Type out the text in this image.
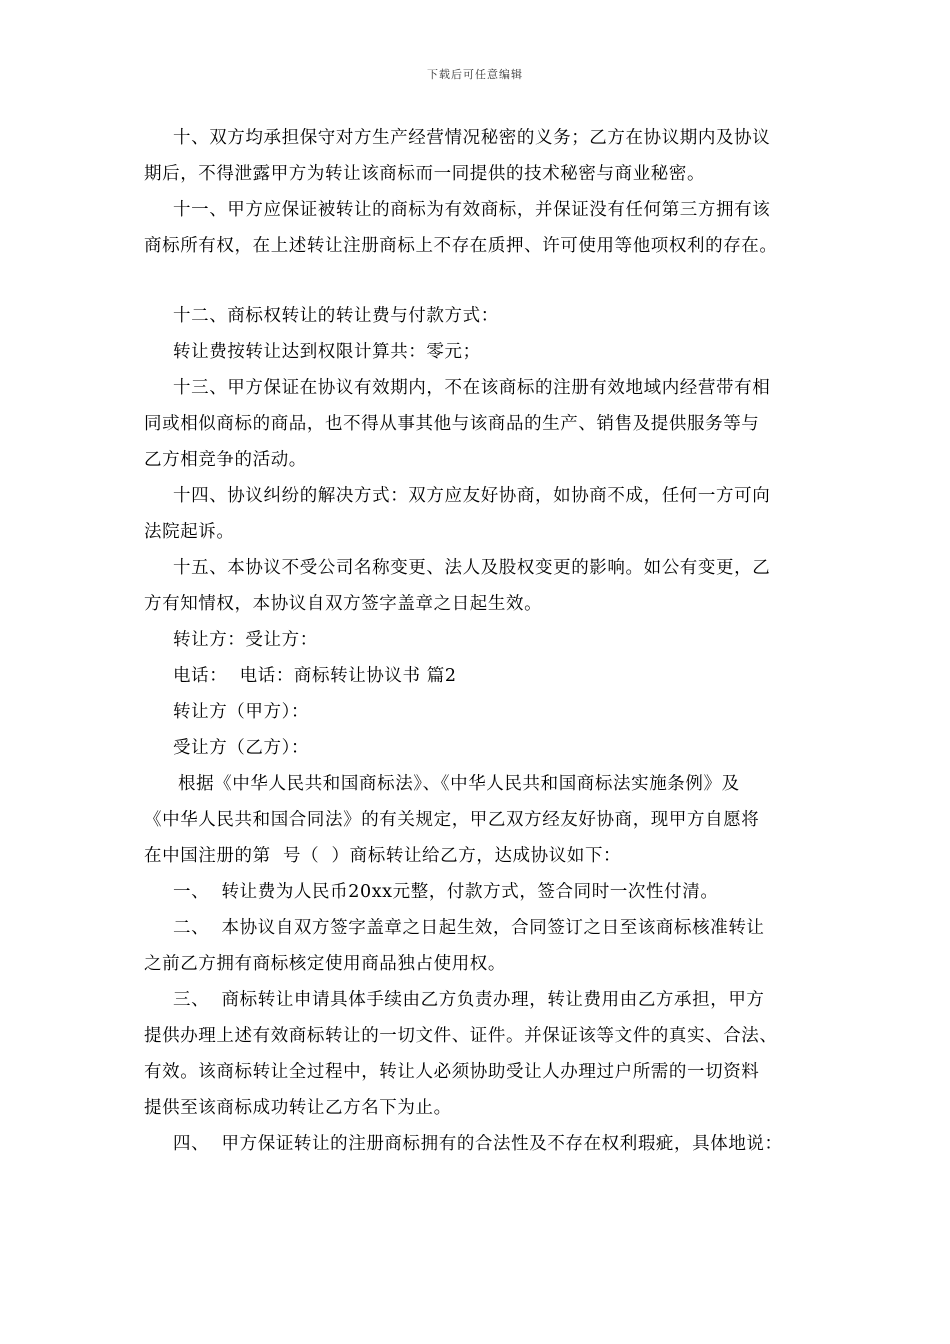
下载后可任意编辑
十、双方均承担保守对方生产经营情况秘密的义务；乙方在协议期内及协议
期后，不得泄露甲方为转让该商标而一同提供的技术秘密与商业秘密。
十一、甲方应保证被转让的商标为有效商标，并保证没有任何第三方拥有该
商标所有权，在上述转让注册商标上不存在质押、许可使用等他项权利的存在。
十二、商标权转让的转让费与付款方式：
转让费按转让达到权限计算共：零元；
十三、甲方保证在协议有效期内，不在该商标的注册有效地域内经营带有相
同或相似商标的商品，也不得从事其他与该商品的生产、销售及提供服务等与
乙方相竞争的活动。
十四、协议纠纷的解决方式：双方应友好协商，如协商不成，任何一方可向
法院起诉。
十五、本协议不受公司名称变更、法人及股权变更的影响。如公有变更，乙
方有知情权，本协议自双方签字盖章之日起生效。
转让方：受让方：
电话：  电话：商标转让协议书 篇2
转让方（甲方）：
受让方（乙方）：
根据《中华人民共和国商标法》、《中华人民共和国商标法实施条例》及
《中华人民共和国合同法》的有关规定，甲乙双方经友好协商，现甲方自愿将
在中国注册的第  号（  ）商标转让给乙方，达成协议如下：
一、  转让费为人民币20xx元整，付款方式，签合同时一次性付清。
二、  本协议自双方签字盖章之日起生效，合同签订之日至该商标核准转让
之前乙方拥有商标核定使用商品独占使用权。
三、  商标转让申请具体手续由乙方负责办理，转让费用由乙方承担，甲方
提供办理上述有效商标转让的一切文件、证件。并保证该等文件的真实、合法、
有效。该商标转让全过程中，转让人必须协助受让人办理过户所需的一切资料
提供至该商标成功转让乙方名下为止。
四、  甲方保证转让的注册商标拥有的合法性及不存在权利瑕疵，具体地说：
